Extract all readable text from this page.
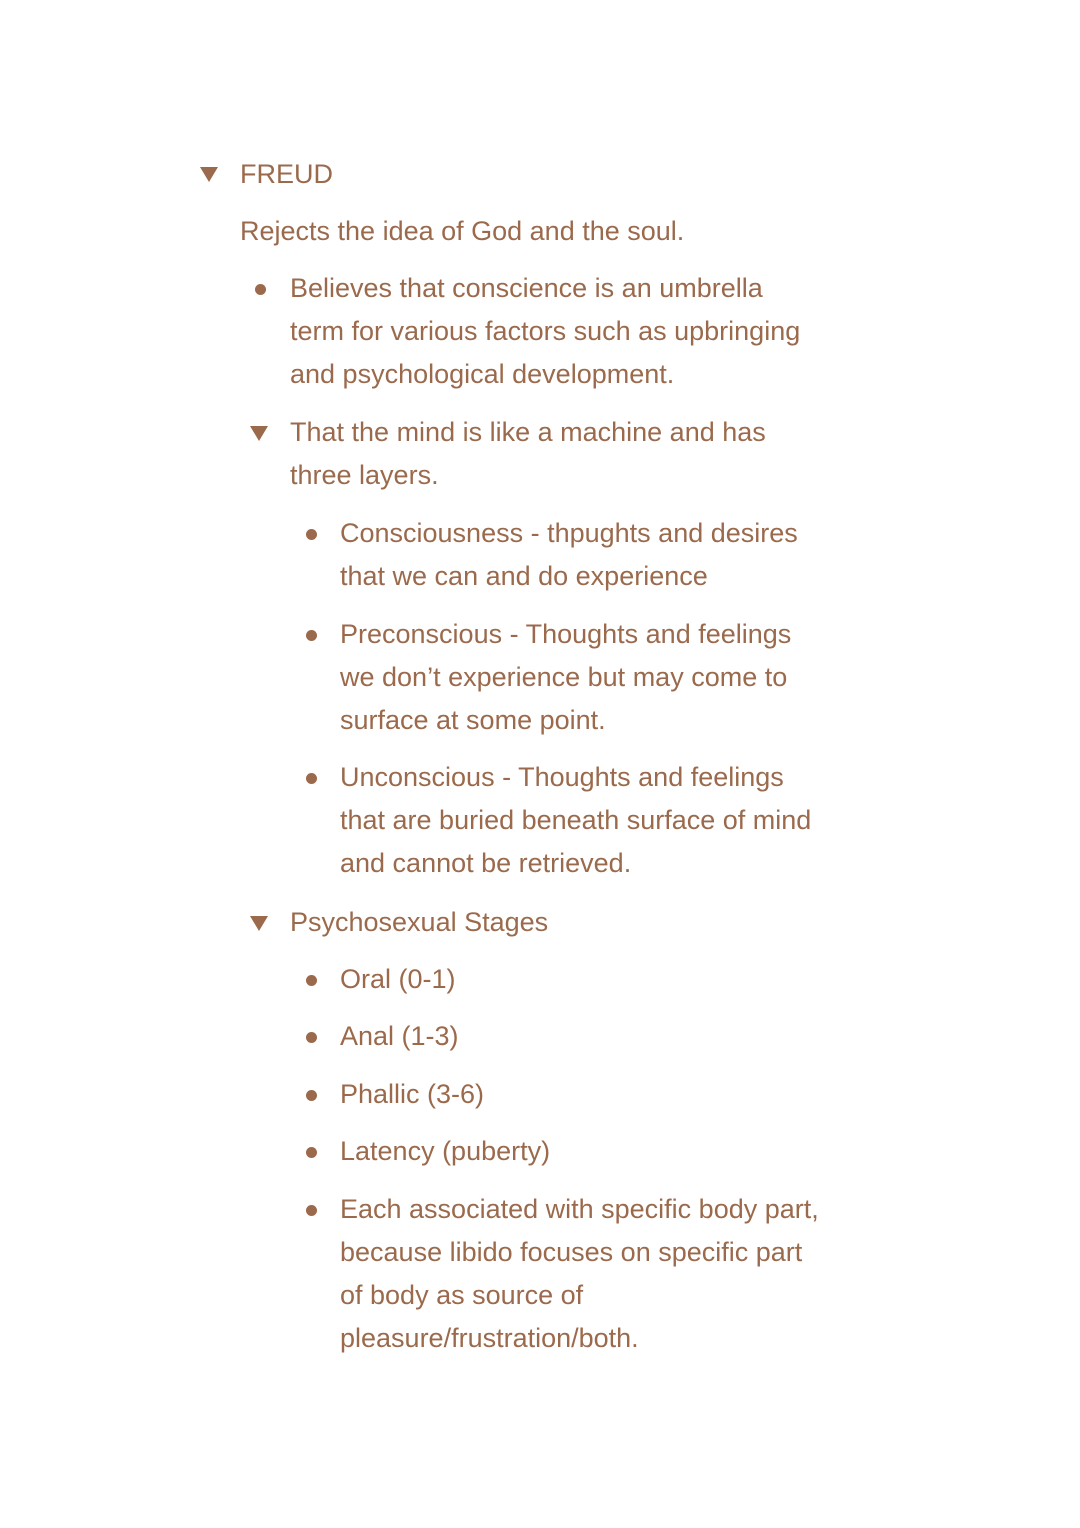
FREUD
Rejects the idea of God and the soul.
Believes that conscience is an umbrella
term for various factors such as upbringing
and psychological development.
That the mind is like a machine and has
three layers.
Consciousness - thpughts and desires
that we can and do experience
Preconscious - Thoughts and feelings
we don’t experience but may come to
surface at some point.
Unconscious - Thoughts and feelings
that are buried beneath surface of mind
and cannot be retrieved.
Psychosexual Stages
Oral (0-1)
Anal (1-3)
Phallic (3-6)
Latency (puberty)
Each associated with specific body part,
because libido focuses on specific part
of body as source of
pleasure/frustration/both.
